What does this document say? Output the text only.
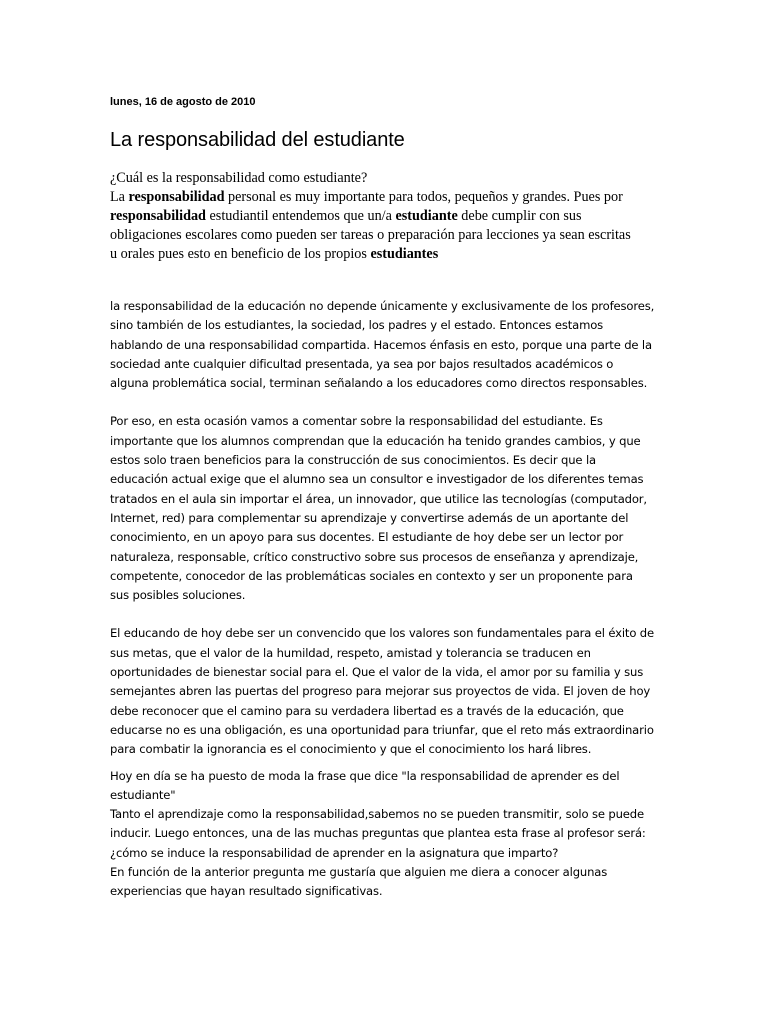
lunes, 16 de agosto de 2010

La responsabilidad del estudiante
¿Cuál es la responsabilidad como estudiante?
La responsabilidad personal es muy importante para todos, pequeños y grandes. Pues por responsabilidad estudiantil entendemos que un/a estudiante debe cumplir con sus obligaciones escolares como pueden ser tareas o preparación para lecciones ya sean escritas u orales pues esto en beneficio de los propios estudiantes

la responsabilidad de la educación no depende únicamente y exclusivamente de los profesores, sino también de los estudiantes, la sociedad, los padres y el estado. Entonces estamos hablando de una responsabilidad compartida. Hacemos énfasis en esto, porque una parte de la sociedad ante cualquier dificultad presentada, ya sea por bajos resultados académicos o alguna problemática social, terminan señalando a los educadores como directos responsables.

Por eso, en esta ocasión vamos a comentar sobre la responsabilidad del estudiante. Es importante que los alumnos comprendan que la educación ha tenido grandes cambios, y que estos solo traen beneficios para la construcción de sus conocimientos. Es decir que la educación actual exige que el alumno sea un consultor e investigador de los diferentes temas tratados en el aula sin importar el área, un innovador, que utilice las tecnologías (computador, Internet, red) para complementar su aprendizaje y convertirse además de un aportante del conocimiento, en un apoyo para sus docentes. El estudiante de hoy debe ser un lector por naturaleza, responsable, crítico constructivo sobre sus procesos de enseñanza y aprendizaje, competente, conocedor de las problemáticas sociales en contexto y ser un proponente para sus posibles soluciones.

El educando de hoy debe ser un convencido que los valores son fundamentales para el éxito de sus metas, que el valor de la humildad, respeto, amistad y tolerancia se traducen en oportunidades de bienestar social para el. Que el valor de la vida, el amor por su familia y sus semejantes abren las puertas del progreso para mejorar sus proyectos de vida. El joven de hoy debe reconocer que el camino para su verdadera libertad es a través de la educación, que educarse no es una obligación, es una oportunidad para triunfar, que el reto más extraordinario para combatir la ignorancia es el conocimiento y que el conocimiento los hará libres.

Hoy en día se ha puesto de moda la frase que dice "la responsabilidad de aprender es del estudiante"
Tanto el aprendizaje como la responsabilidad,sabemos no se pueden transmitir, solo se puede inducir. Luego entonces, una de las muchas preguntas que plantea esta frase al profesor será:
¿cómo se induce la responsabilidad de aprender en la asignatura que imparto?
En función de la anterior pregunta me gustaría que alguien me diera a conocer algunas experiencias que hayan resultado significativas.
